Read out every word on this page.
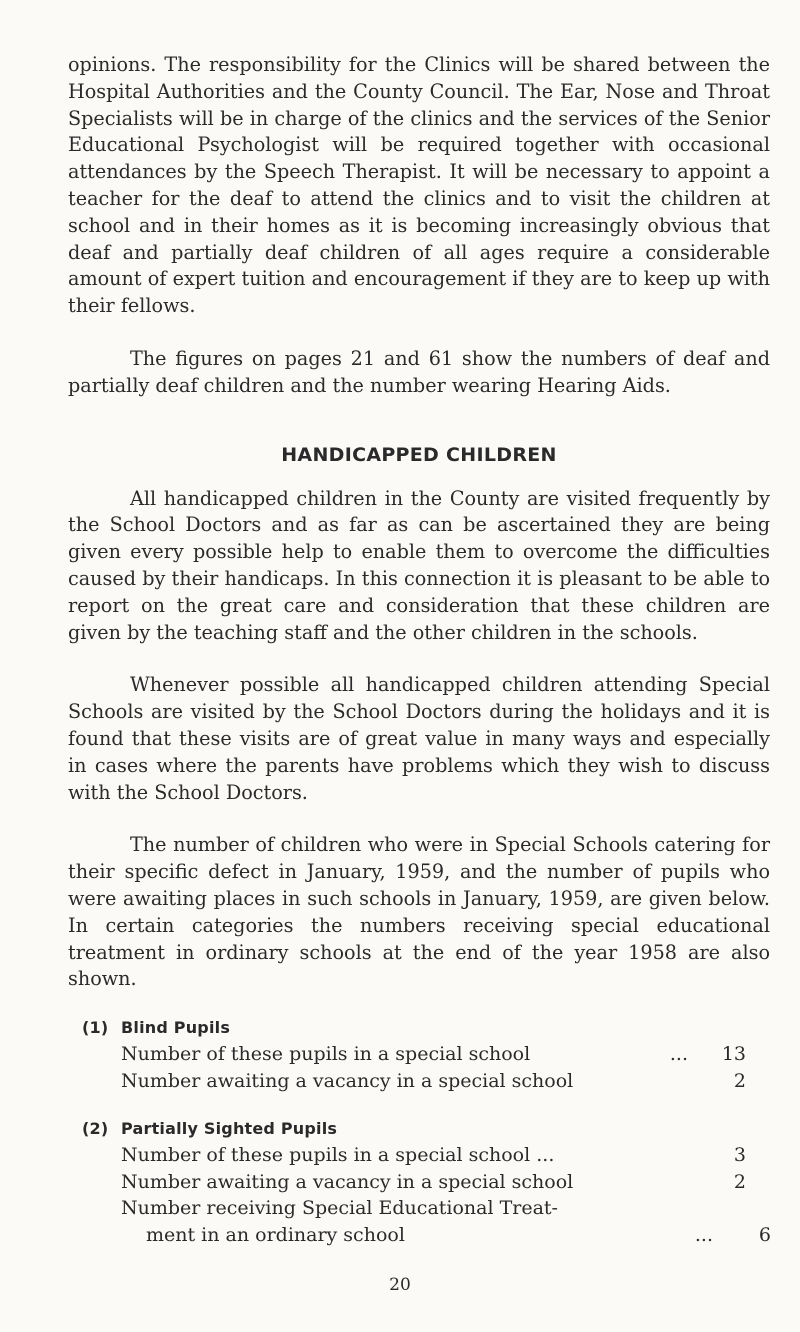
opinions. The responsibility for the Clinics will be shared between the Hospital Authorities and the County Council. The Ear, Nose and Throat Specialists will be in charge of the clinics and the services of the Senior Educational Psychologist will be required together with occasional attendances by the Speech Therapist. It will be necessary to appoint a teacher for the deaf to attend the clinics and to visit the children at school and in their homes as it is becoming increasingly obvious that deaf and partially deaf children of all ages require a considerable amount of expert tuition and encouragement if they are to keep up with their fellows.

The figures on pages 21 and 61 show the numbers of deaf and partially deaf children and the number wearing Hearing Aids.

HANDICAPPED CHILDREN

All handicapped children in the County are visited frequently by the School Doctors and as far as can be ascertained they are being given every possible help to enable them to overcome the difficulties caused by their handicaps. In this connection it is pleasant to be able to report on the great care and consideration that these children are given by the teaching staff and the other children in the schools.

Whenever possible all handicapped children attending Special Schools are visited by the School Doctors during the holidays and it is found that these visits are of great value in many ways and especially in cases where the parents have problems which they wish to discuss with the School Doctors.

The number of children who were in Special Schools catering for their specific defect in January, 1959, and the number of pupils who were awaiting places in such schools in January, 1959, are given below. In certain categories the numbers receiving special educational treatment in ordinary schools at the end of the year 1958 are also shown.

(1) Blind Pupils
Number of these pupils in a special school	... 13
Number awaiting a vacancy in a special school	2
(2) Partially Sighted Pupils
Number of these pupils in a special school ...	3
Number awaiting a vacancy in a special school	2
Number receiving Special Educational Treat-
ment in an ordinary school	... 6
20
